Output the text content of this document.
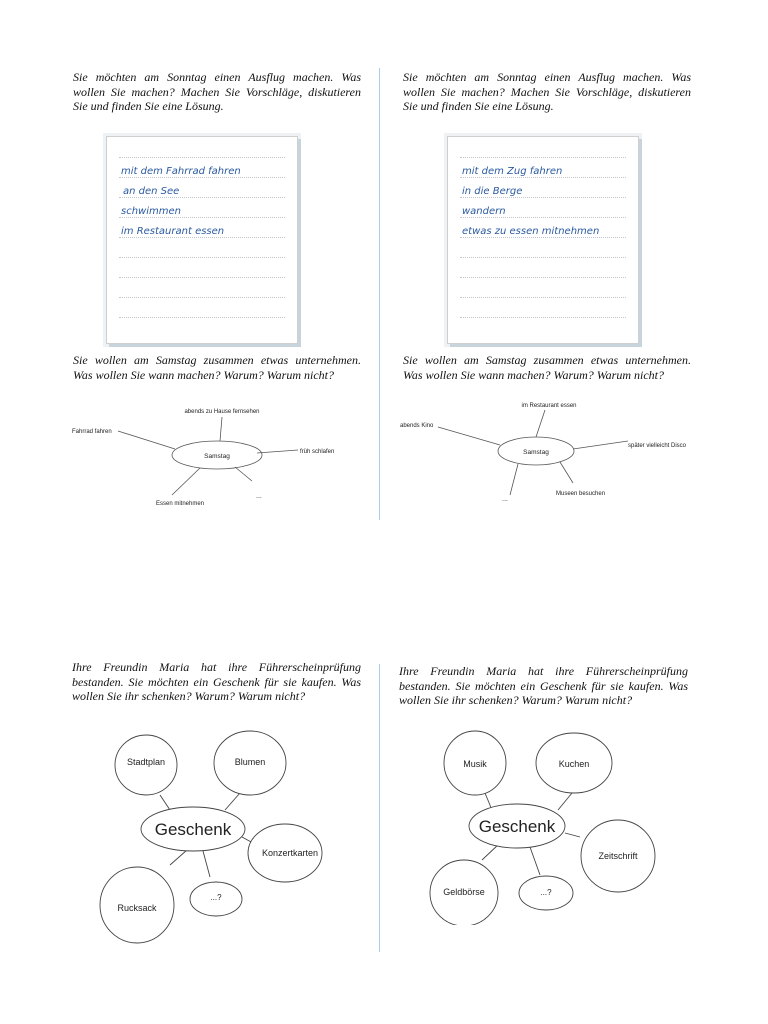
Sie möchten am Sonntag einen Ausflug machen. Was
wollen Sie machen? Machen Sie Vorschläge, diskutieren
Sie und finden Sie eine Lösung.
mit dem Fahrrad fahren
an den See
schwimmen
im Restaurant essen
Sie möchten am Sonntag einen Ausflug machen. Was
wollen Sie machen? Machen Sie Vorschläge, diskutieren
Sie und finden Sie eine Lösung.
mit dem Zug fahren
in die Berge
wandern
etwas zu essen mitnehmen
Sie wollen am Samstag zusammen etwas unternehmen.
Was wollen Sie wann machen? Warum? Warum nicht?
Samstag
abends zu Hause fernsehen
Fahrrad fahren
früh schlafen
Essen mitnehmen
...
Sie wollen am Samstag zusammen etwas unternehmen.
Was wollen Sie wann machen? Warum? Warum nicht?
Samstag
im Restaurant essen
abends Kino
später vielleicht Disco
Museen besuchen
...
Ihre Freundin Maria hat ihre Führerscheinprüfung
bestanden. Sie möchten ein Geschenk für sie kaufen. Was
wollen Sie ihr schenken? Warum? Warum nicht?
Stadtplan	Blumen
Geschenk
Konzertkarten
Rucksack
...?
Ihre Freundin Maria hat ihre Führerscheinprüfung
bestanden. Sie möchten ein Geschenk für sie kaufen. Was
wollen Sie ihr schenken? Warum? Warum nicht?
Musik	Kuchen
Geschenk
Zeitschrift
Geldbörse	...?
